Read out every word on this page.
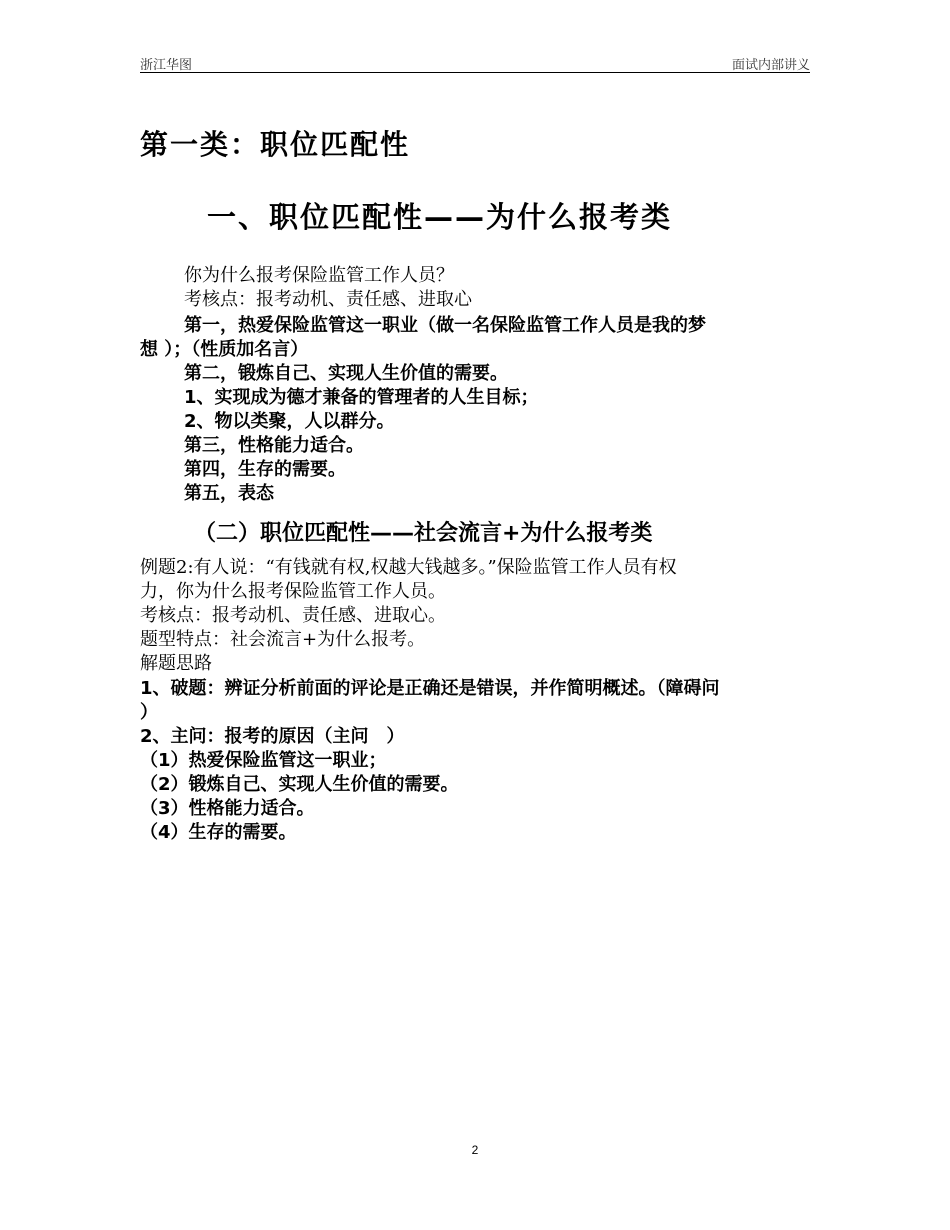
浙江华图	面试内部讲义
第一类：职位匹配性
一、职位匹配性——为什么报考类
你为什么报考保险监管工作人员？
考核点：报考动机、责任感、进取心
第一，热爱保险监管这一职业（做一名保险监管工作人员是我的梦
想 ）；（性质加名言）
第二，锻炼自己、实现人生价值的需要。
1、实现成为德才兼备的管理者的人生目标；
2、物以类聚，人以群分。
第三，性格能力适合。
第四，生存的需要。
第五，表态
（二）职位匹配性——社会流言+为什么报考类
例题2:有人说：“有钱就有权,权越大钱越多。”保险监管工作人员有权
力，你为什么报考保险监管工作人员。
考核点：报考动机、责任感、进取心。
题型特点：社会流言+为什么报考。
解题思路
1、破题：辨证分析前面的评论是正确还是错误，并作简明概述。（障碍问
）
2、主问：报考的原因（主问　）
（1）热爱保险监管这一职业；
（2）锻炼自己、实现人生价值的需要。
（3）性格能力适合。
（4）生存的需要。
2
